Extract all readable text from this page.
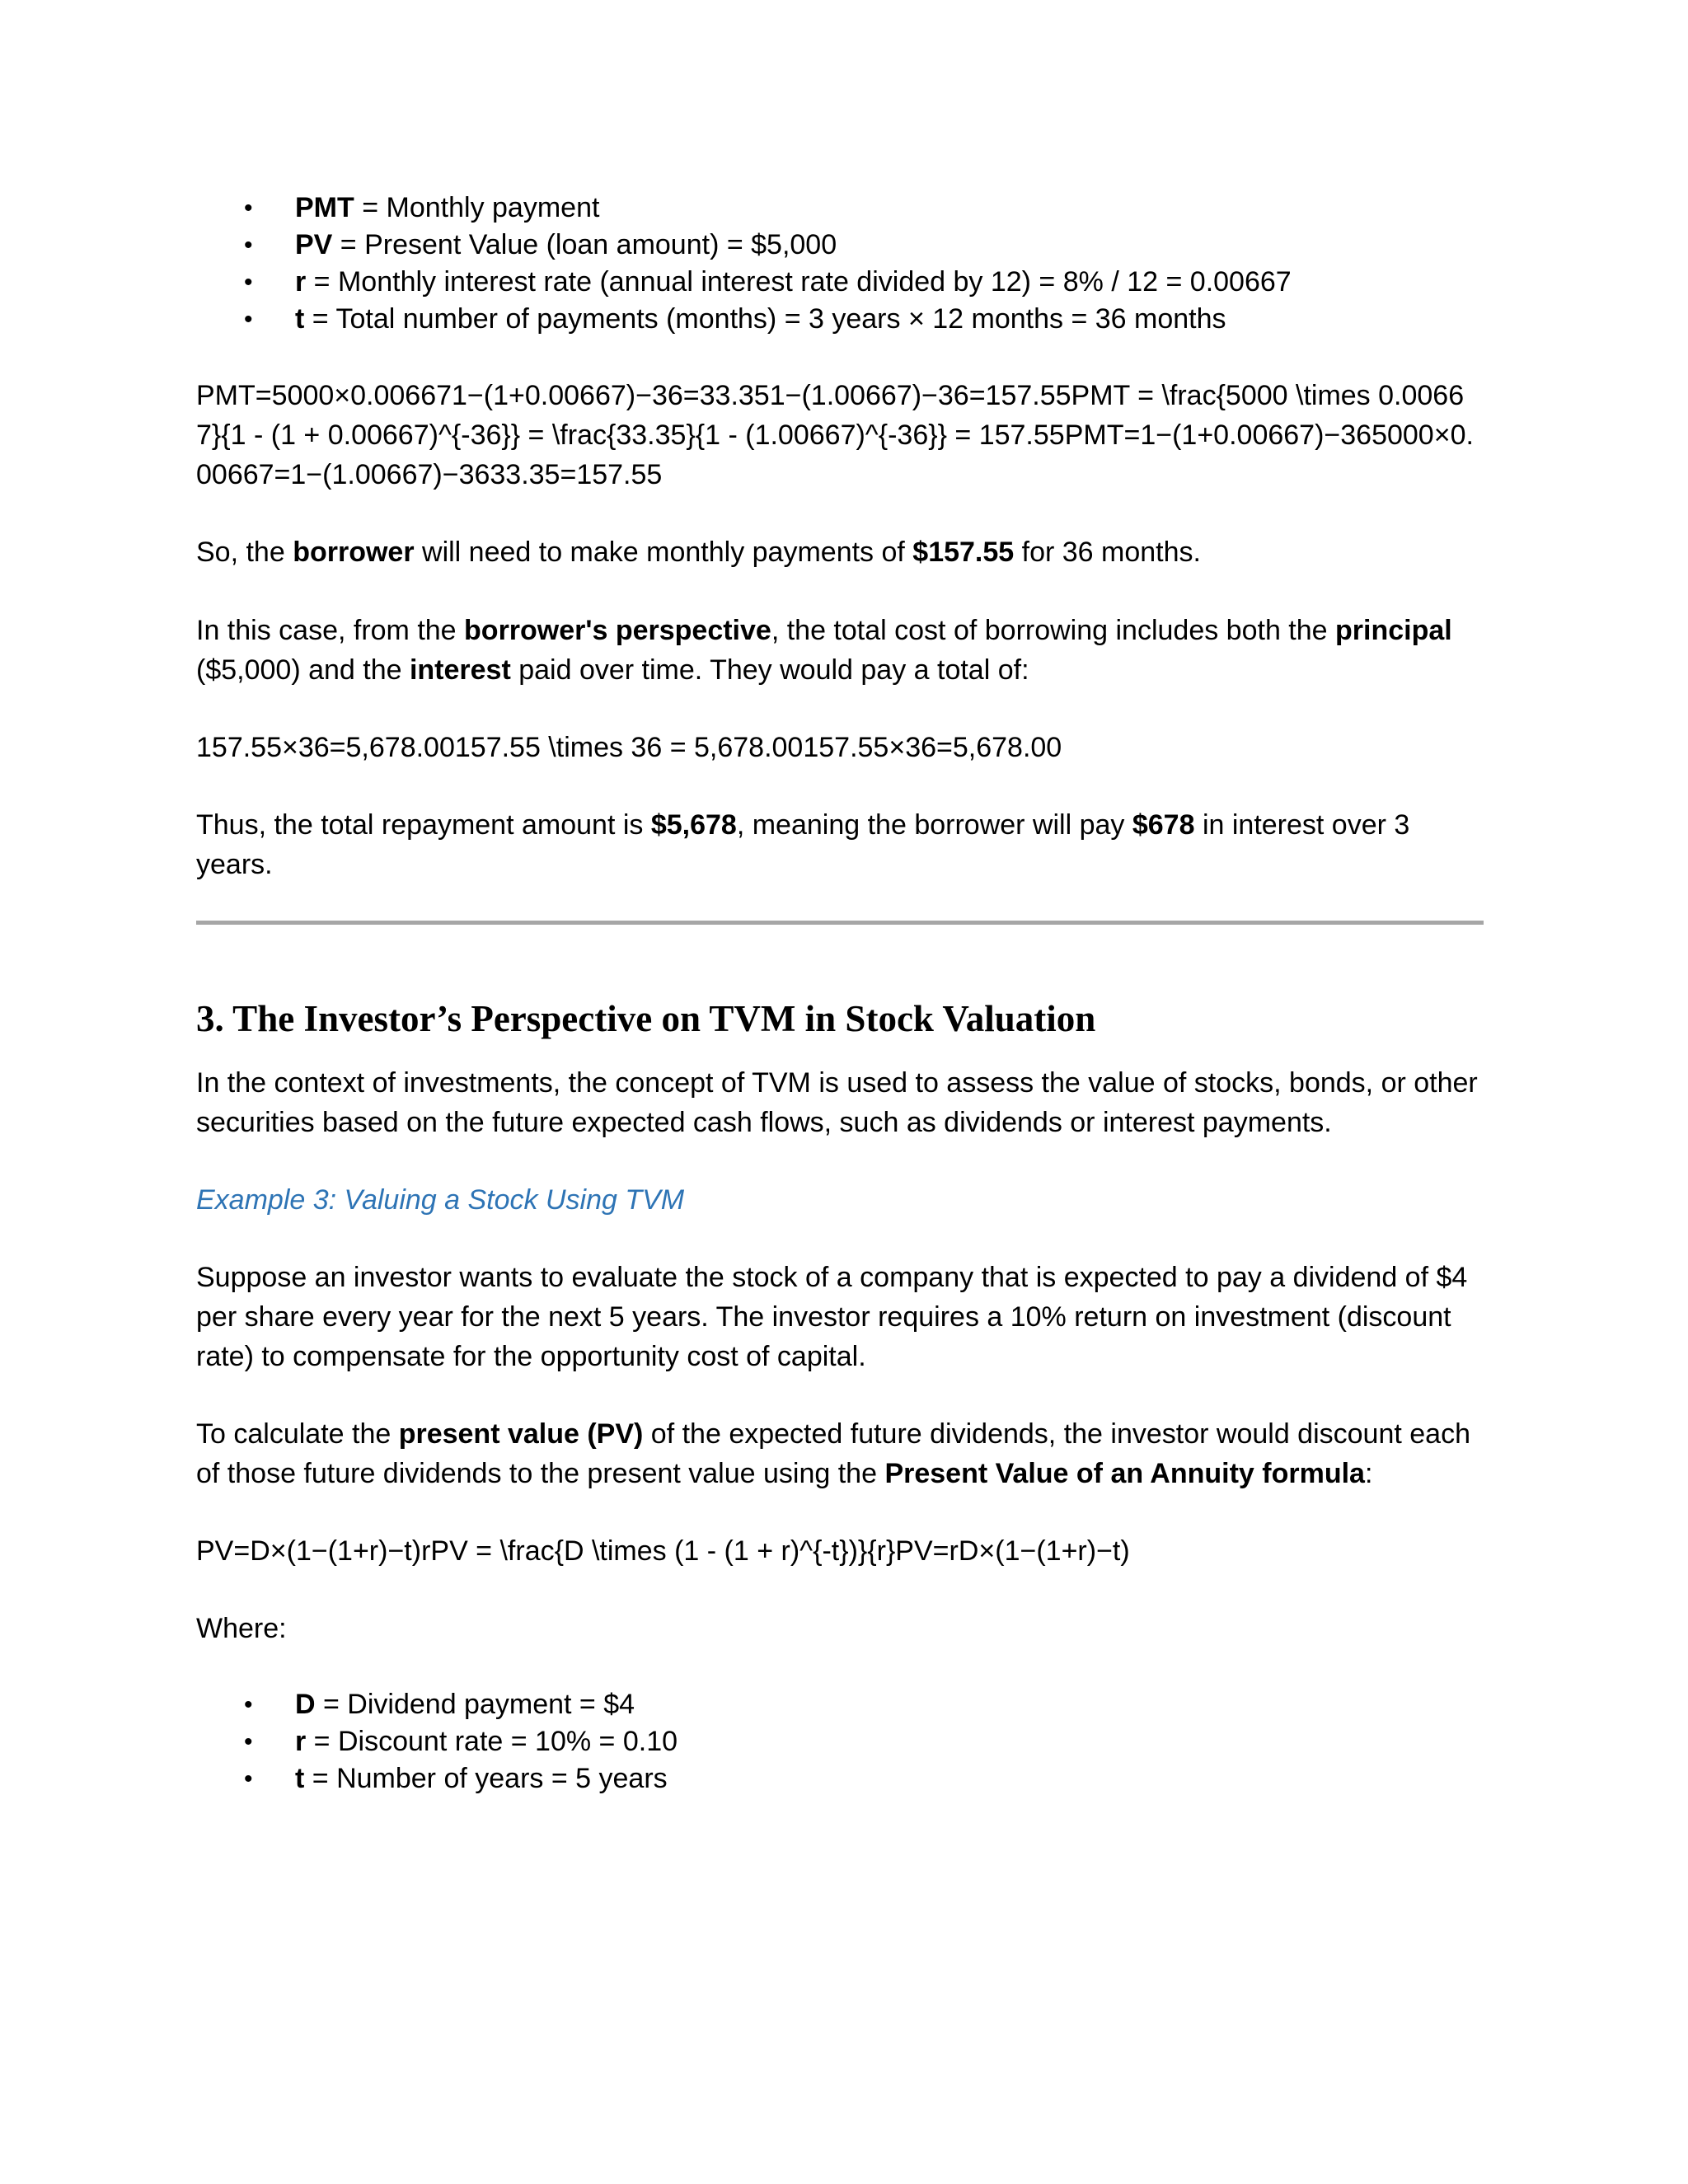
• PMT = Monthly payment
• PV = Present Value (loan amount) = $5,000
• r = Monthly interest rate (annual interest rate divided by 12) = 8% / 12 = 0.00667
• t = Total number of payments (months) = 3 years × 12 months = 36 months

PMT=5000×0.006671−(1+0.00667)−36=33.351−(1.00667)−36=157.55PMT = \frac{5000 \times 0.00667}{1 - (1 + 0.00667)^{-36}} = \frac{33.35}{1 - (1.00667)^{-36}} = 157.55PMT=1−(1+0.00667)−365000×0.00667=1−(1.00667)−3633.35=157.55

So, the borrower will need to make monthly payments of $157.55 for 36 months.

In this case, from the borrower's perspective, the total cost of borrowing includes both the principal ($5,000) and the interest paid over time. They would pay a total of:

157.55×36=5,678.00157.55 \times 36 = 5,678.00157.55×36=5,678.00

Thus, the total repayment amount is $5,678, meaning the borrower will pay $678 in interest over 3 years.

3. The Investor’s Perspective on TVM in Stock Valuation

In the context of investments, the concept of TVM is used to assess the value of stocks, bonds, or other securities based on the future expected cash flows, such as dividends or interest payments.

Example 3: Valuing a Stock Using TVM

Suppose an investor wants to evaluate the stock of a company that is expected to pay a dividend of $4 per share every year for the next 5 years. The investor requires a 10% return on investment (discount rate) to compensate for the opportunity cost of capital.

To calculate the present value (PV) of the expected future dividends, the investor would discount each of those future dividends to the present value using the Present Value of an Annuity formula:

PV=D×(1−(1+r)−t)rPV = \frac{D \times (1 - (1 + r)^{-t})}{r}PV=rD×(1−(1+r)−t)

Where:

• D = Dividend payment = $4
• r = Discount rate = 10% = 0.10
• t = Number of years = 5 years
